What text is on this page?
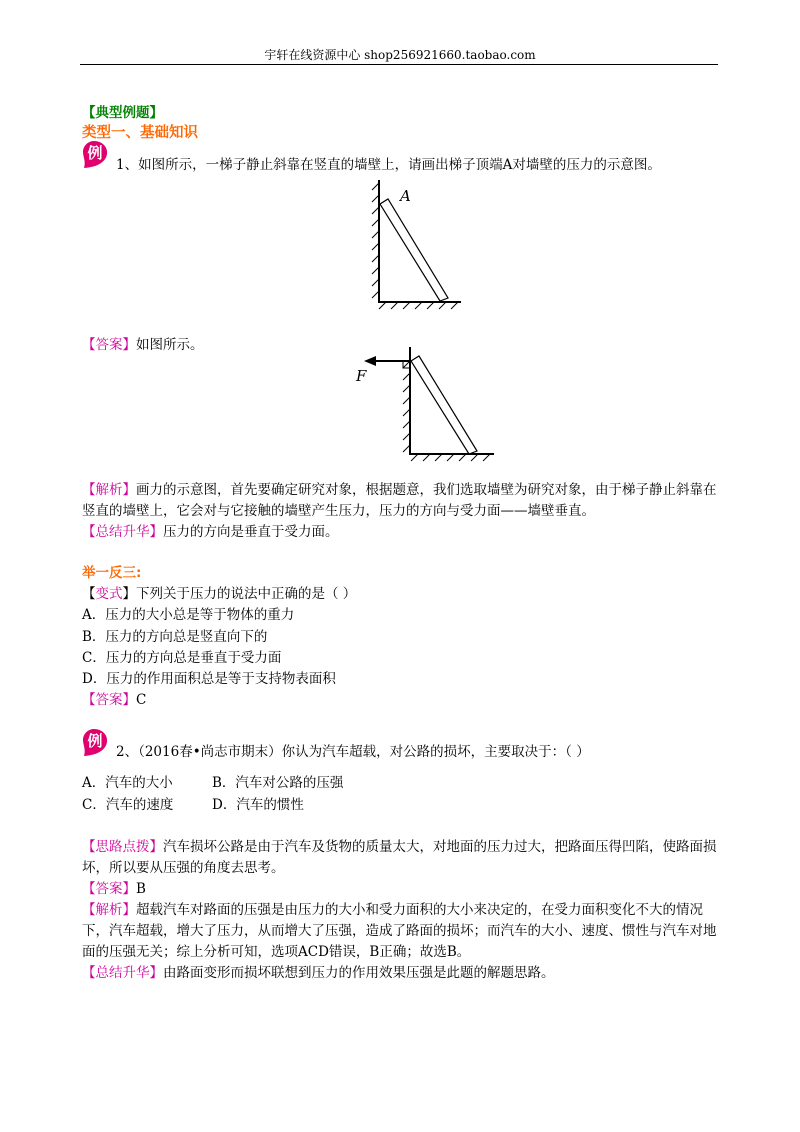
宇轩在线资源中心 shop256921660.taobao.com
【典型例题】
类型一、基础知识
例
1、如图所示，一梯子静止斜靠在竖直的墙壁上，请画出梯子顶端A对墙壁的压力的示意图。
A
【答案】如图所示。
F
【解析】画力的示意图，首先要确定研究对象，根据题意，我们选取墙壁为研究对象，由于梯子静止斜靠在
竖直的墙壁上，它会对与它接触的墙壁产生压力，压力的方向与受力面——墙壁垂直。
【总结升华】压力的方向是垂直于受力面。
举一反三:
【变式】下列关于压力的说法中正确的是（ ）
A．压力的大小总是等于物体的重力
B．压力的方向总是竖直向下的
C．压力的方向总是垂直于受力面
D．压力的作用面积总是等于支持物表面积
【答案】C
例
2、（2016春•尚志市期末）你认为汽车超载，对公路的损坏，主要取决于：（ ）
A．汽车的大小	B．汽车对公路的压强
C．汽车的速度	D．汽车的惯性
【思路点拨】汽车损坏公路是由于汽车及货物的质量太大，对地面的压力过大，把路面压得凹陷，使路面损
坏，所以要从压强的角度去思考。
【答案】B
【解析】超载汽车对路面的压强是由压力的大小和受力面积的大小来决定的，在受力面积变化不大的情况
下，汽车超载，增大了压力，从而增大了压强，造成了路面的损坏；而汽车的大小、速度、惯性与汽车对地
面的压强无关；综上分析可知，选项ACD错误，B正确；故选B。
【总结升华】由路面变形而损坏联想到压力的作用效果压强是此题的解题思路。
